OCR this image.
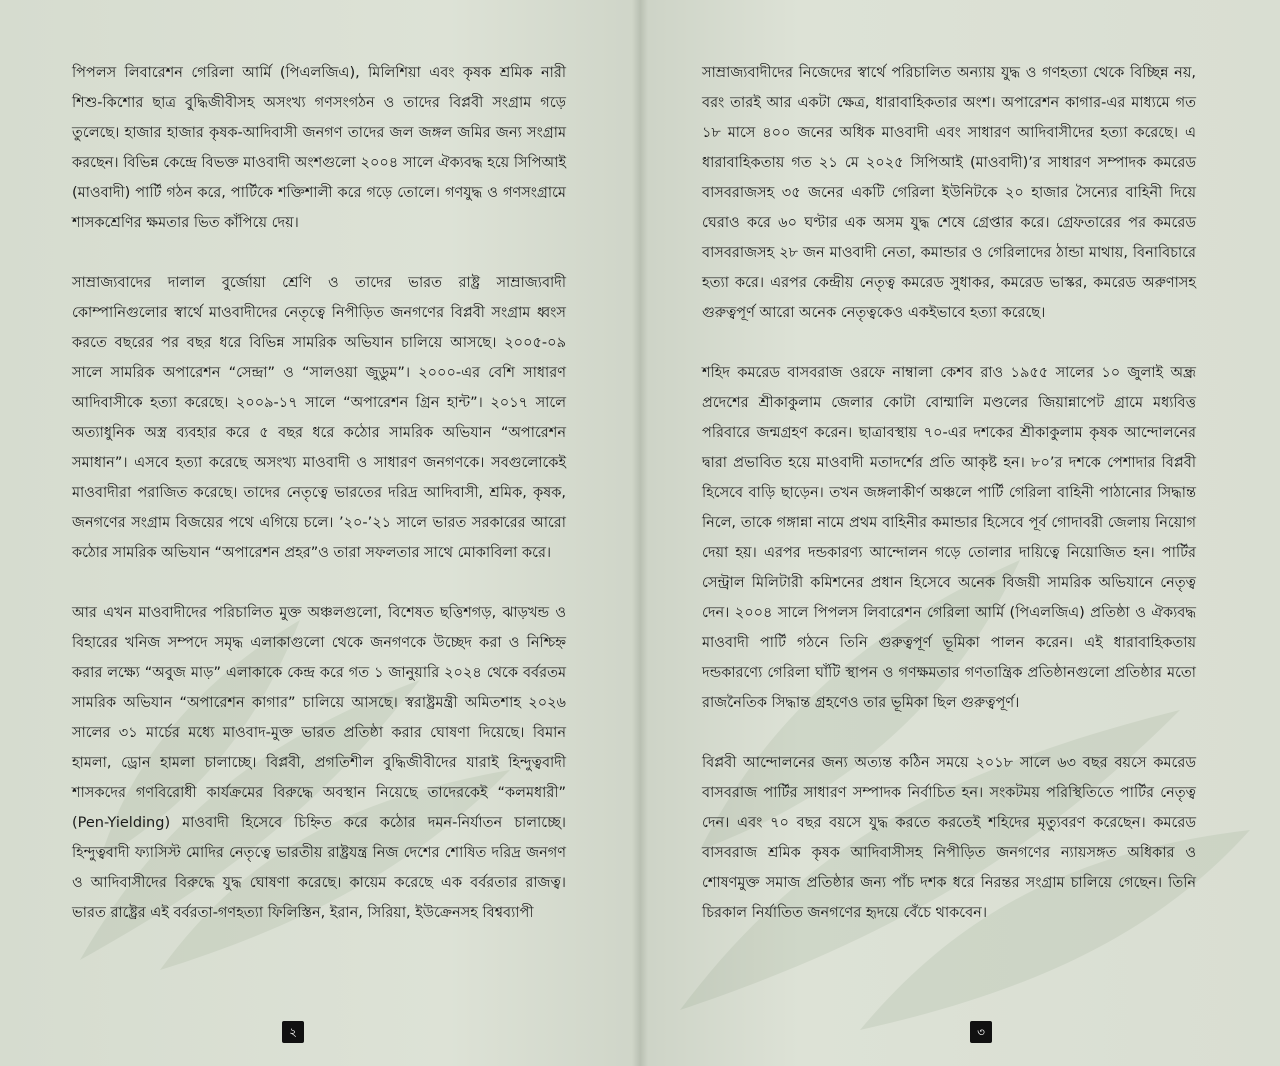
পিপলস লিবারেশন গেরিলা আর্মি (পিএলজিএ), মিলিশিয়া এবং কৃষক শ্রমিক নারী শিশু-কিশোর ছাত্র বুদ্ধিজীবীসহ অসংখ্য গণসংগঠন ও তাদের বিপ্লবী সংগ্রাম গড়ে তুলেছে। হাজার হাজার কৃষক-আদিবাসী জনগণ তাদের জল জঙ্গল জমির জন্য সংগ্রাম করছেন। বিভিন্ন কেন্দ্রে বিভক্ত মাওবাদী অংশগুলো ২০০৪ সালে ঐক্যবদ্ধ হয়ে সিপিআই (মাওবাদী) পার্টি গঠন করে, পার্টিকে শক্তিশালী করে গড়ে তোলে। গণযুদ্ধ ও গণসংগ্রামে শাসকশ্রেণির ক্ষমতার ভিত কাঁপিয়ে দেয়।

সাম্রাজ্যবাদের দালাল বুর্জোয়া শ্রেণি ও তাদের ভারত রাষ্ট্র সাম্রাজ্যবাদী কোম্পানিগুলোর স্বার্থে মাওবাদীদের নেতৃত্বে নিপীড়িত জনগণের বিপ্লবী সংগ্রাম ধ্বংস করতে বছরের পর বছর ধরে বিভিন্ন সামরিক অভিযান চালিয়ে আসছে। ২০০৫-০৯ সালে সামরিক অপারেশন “সেন্দ্রা” ও “সালওয়া জুডুম”। ২০০০-এর বেশি সাধারণ আদিবাসীকে হত্যা করেছে। ২০০৯-১৭ সালে “অপারেশন গ্রিন হান্ট”। ২০১৭ সালে অত্যাধুনিক অস্ত্র ব্যবহার করে ৫ বছর ধরে কঠোর সামরিক অভিযান “অপারেশন সমাধান”। এসবে হত্যা করেছে অসংখ্য মাওবাদী ও সাধারণ জনগণকে। সবগুলোকেই মাওবাদীরা পরাজিত করেছে। তাদের নেতৃত্বে ভারতের দরিদ্র আদিবাসী, শ্রমিক, কৃষক, জনগণের সংগ্রাম বিজয়ের পথে এগিয়ে চলে। ’২০-’২১ সালে ভারত সরকারের আরো কঠোর সামরিক অভিযান “অপারেশন প্রহর”ও তারা সফলতার সাথে মোকাবিলা করে।

আর এখন মাওবাদীদের পরিচালিত মুক্ত অঞ্চলগুলো, বিশেষত ছত্তিশগড়, ঝাড়খন্ড ও বিহারের খনিজ সম্পদে সমৃদ্ধ এলাকাগুলো থেকে জনগণকে উচ্ছেদ করা ও নিশ্চিহ্ন করার লক্ষ্যে “অবুজ মাড়” এলাকাকে কেন্দ্র করে গত ১ জানুয়ারি ২০২৪ থেকে বর্বরতম সামরিক অভিযান “অপারেশন কাগার” চালিয়ে আসছে। স্বরাষ্ট্রমন্ত্রী অমিতশাহ ২০২৬ সালের ৩১ মার্চের মধ্যে মাওবাদ-মুক্ত ভারত প্রতিষ্ঠা করার ঘোষণা দিয়েছে। বিমান হামলা, ড্রোন হামলা চালাচ্ছে। বিপ্লবী, প্রগতিশীল বুদ্ধিজীবীদের যারাই হিন্দুত্ববাদী শাসকদের গণবিরোধী কার্যক্রমের বিরুদ্ধে অবস্থান নিয়েছে তাদেরকেই “কলমধারী” (Pen-Yielding) মাওবাদী হিসেবে চিহ্নিত করে কঠোর দমন-নির্যাতন চালাচ্ছে। হিন্দুত্ববাদী ফ্যাসিস্ট মোদির নেতৃত্বে ভারতীয় রাষ্ট্রযন্ত্র নিজ দেশের শোষিত দরিদ্র জনগণ ও আদিবাসীদের বিরুদ্ধে যুদ্ধ ঘোষণা করেছে। কায়েম করেছে এক বর্বরতার রাজত্ব। ভারত রাষ্ট্রের এই বর্বরতা-গণহত্যা ফিলিস্তিন, ইরান, সিরিয়া, ইউক্রেনসহ বিশ্বব্যাপী

২

সাম্রাজ্যবাদীদের নিজেদের স্বার্থে পরিচালিত অন্যায় যুদ্ধ ও গণহত্যা থেকে বিচ্ছিন্ন নয়, বরং তারই আর একটা ক্ষেত্র, ধারাবাহিকতার অংশ। অপারেশন কাগার-এর মাধ্যমে গত ১৮ মাসে ৪০০ জনের অধিক মাওবাদী এবং সাধারণ আদিবাসীদের হত্যা করেছে। এ ধারাবাহিকতায় গত ২১ মে ২০২৫ সিপিআই (মাওবাদী)’র সাধারণ সম্পাদক কমরেড বাসবরাজসহ ৩৫ জনের একটি গেরিলা ইউনিটকে ২০ হাজার সৈন্যের বাহিনী দিয়ে ঘেরাও করে ৬০ ঘণ্টার এক অসম যুদ্ধ শেষে গ্রেপ্তার করে। গ্রেফতারের পর কমরেড বাসবরাজসহ ২৮ জন মাওবাদী নেতা, কমান্ডার ও গেরিলাদের ঠান্ডা মাথায়, বিনাবিচারে হত্যা করে। এরপর কেন্দ্রীয় নেতৃত্ব কমরেড সুধাকর, কমরেড ভাস্কর, কমরেড অরুণাসহ গুরুত্বপূর্ণ আরো অনেক নেতৃত্বকেও একইভাবে হত্যা করেছে।

শহিদ কমরেড বাসবরাজ ওরফে নাম্বালা কেশব রাও ১৯৫৫ সালের ১০ জুলাই অন্ধ্র প্রদেশের শ্রীকাকুলাম জেলার কোটা বোম্মালি মণ্ডলের জিয়ান্নাপেট গ্রামে মধ্যবিত্ত পরিবারে জন্মগ্রহণ করেন। ছাত্রাবস্থায় ৭০-এর দশকের শ্রীকাকুলাম কৃষক আন্দোলনের দ্বারা প্রভাবিত হয়ে মাওবাদী মতাদর্শের প্রতি আকৃষ্ট হন। ৮০’র দশকে পেশাদার বিপ্লবী হিসেবে বাড়ি ছাড়েন। তখন জঙ্গলাকীর্ণ অঞ্চলে পার্টি গেরিলা বাহিনী পাঠানোর সিদ্ধান্ত নিলে, তাকে গঙ্গান্না নামে প্রথম বাহিনীর কমান্ডার হিসেবে পূর্ব গোদাবরী জেলায় নিয়োগ দেয়া হয়। এরপর দন্ডকারণ্য আন্দোলন গড়ে তোলার দায়িত্বে নিয়োজিত হন। পার্টির সেন্ট্রাল মিলিটারী কমিশনের প্রধান হিসেবে অনেক বিজয়ী সামরিক অভিযানে নেতৃত্ব দেন। ২০০৪ সালে পিপলস লিবারেশন গেরিলা আর্মি (পিএলজিএ) প্রতিষ্ঠা ও ঐক্যবদ্ধ মাওবাদী পার্টি গঠনে তিনি গুরুত্বপূর্ণ ভূমিকা পালন করেন। এই ধারাবাহিকতায় দন্ডকারণ্যে গেরিলা ঘাঁটি স্থাপন ও গণক্ষমতার গণতান্ত্রিক প্রতিষ্ঠানগুলো প্রতিষ্ঠার মতো রাজনৈতিক সিদ্ধান্ত গ্রহণেও তার ভূমিকা ছিল গুরুত্বপূর্ণ।

বিপ্লবী আন্দোলনের জন্য অত্যন্ত কঠিন সময়ে ২০১৮ সালে ৬৩ বছর বয়সে কমরেড বাসবরাজ পার্টির সাধারণ সম্পাদক নির্বাচিত হন। সংকটময় পরিস্থিতিতে পার্টির নেতৃত্ব দেন। এবং ৭০ বছর বয়সে যুদ্ধ করতে করতেই শহিদের মৃত্যুবরণ করেছেন। কমরেড বাসবরাজ শ্রমিক কৃষক আদিবাসীসহ নিপীড়িত জনগণের ন্যায়সঙ্গত অধিকার ও শোষণমুক্ত সমাজ প্রতিষ্ঠার জন্য পাঁচ দশক ধরে নিরন্তর সংগ্রাম চালিয়ে গেছেন। তিনি চিরকাল নির্যাতিত জনগণের হৃদয়ে বেঁচে থাকবেন।

৩
